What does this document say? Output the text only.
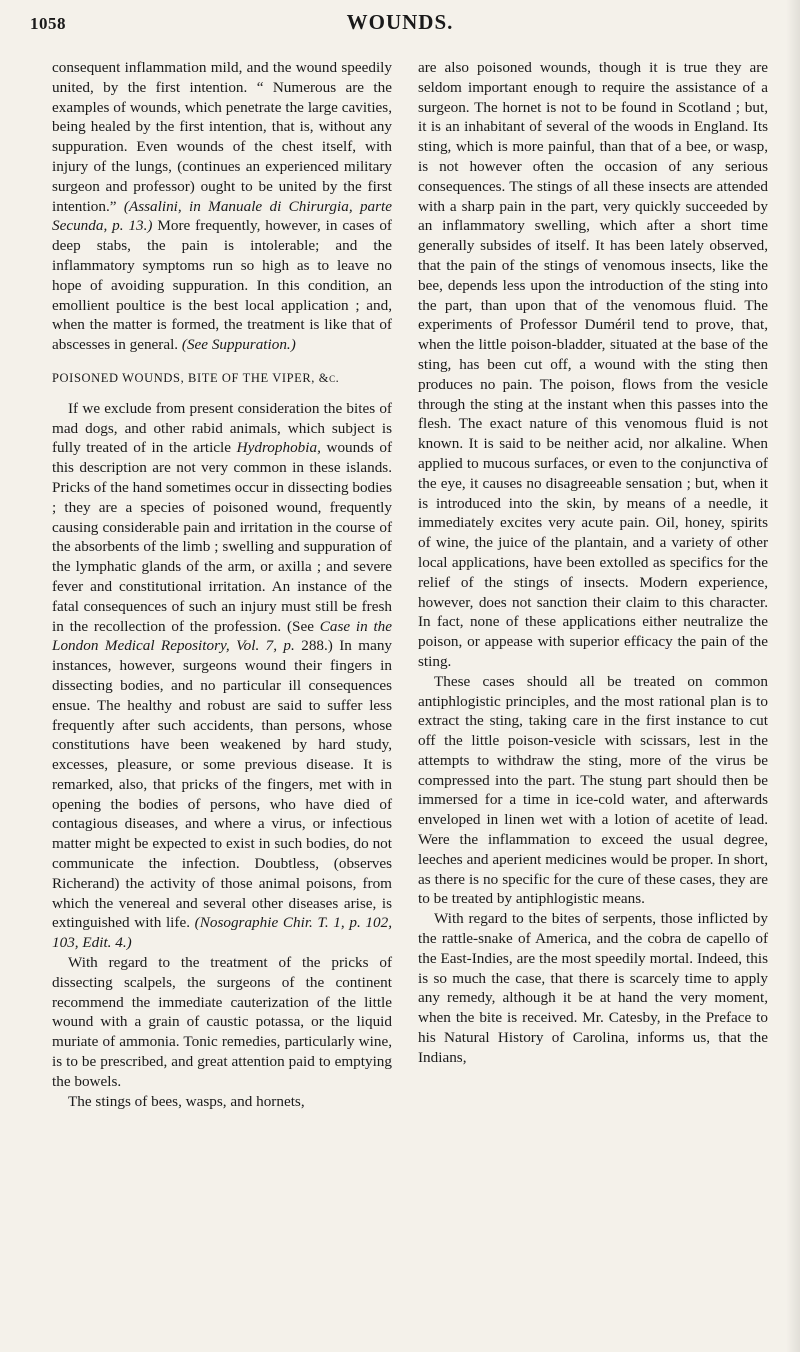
1058	WOUNDS.

consequent inflammation mild, and the wound speedily united, by the first intention. “ Numerous are the examples of wounds, which penetrate the large cavities, being healed by the first intention, that is, without any suppuration. Even wounds of the chest itself, with injury of the lungs, (continues an experienced military surgeon and professor) ought to be united by the first intention.” (Assalini, in Manuale di Chirurgia, parte Secunda, p. 13.) More frequently, however, in cases of deep stabs, the pain is intolerable; and the inflammatory symptoms run so high as to leave no hope of avoiding suppuration. In this condition, an emollient poultice is the best local application ; and, when the matter is formed, the treatment is like that of abscesses in general. (See Suppuration.)

POISONED WOUNDS, BITE OF THE VIPER, &c.

If we exclude from present consideration the bites of mad dogs, and other rabid animals, which subject is fully treated of in the article Hydrophobia, wounds of this description are not very common in these islands. Pricks of the hand sometimes occur in dissecting bodies ; they are a species of poisoned wound, frequently causing considerable pain and irritation in the course of the absorbents of the limb ; swelling and suppuration of the lymphatic glands of the arm, or axilla ; and severe fever and constitutional irritation. An instance of the fatal consequences of such an injury must still be fresh in the recollection of the profession. (See Case in the London Medical Repository, Vol. 7, p. 288.) In many instances, however, surgeons wound their fingers in dissecting bodies, and no particular ill consequences ensue. The healthy and robust are said to suffer less frequently after such accidents, than persons, whose constitutions have been weakened by hard study, excesses, pleasure, or some previous disease. It is remarked, also, that pricks of the fingers, met with in opening the bodies of persons, who have died of contagious diseases, and where a virus, or infectious matter might be expected to exist in such bodies, do not communicate the infection. Doubtless, (observes Richerand) the activity of those animal poisons, from which the venereal and several other diseases arise, is extinguished with life. (Nosographie Chir. T. 1, p. 102, 103, Edit. 4.)

With regard to the treatment of the pricks of dissecting scalpels, the surgeons of the continent recommend the immediate cauterization of the little wound with a grain of caustic potassa, or the liquid muriate of ammonia. Tonic remedies, particularly wine, is to be prescribed, and great attention paid to emptying the bowels.

The stings of bees, wasps, and hornets,

are also poisoned wounds, though it is true they are seldom important enough to require the assistance of a surgeon. The hornet is not to be found in Scotland ; but, it is an inhabitant of several of the woods in England. Its sting, which is more painful, than that of a bee, or wasp, is not however often the occasion of any serious consequences. The stings of all these insects are attended with a sharp pain in the part, very quickly succeeded by an inflammatory swelling, which after a short time generally subsides of itself. It has been lately observed, that the pain of the stings of venomous insects, like the bee, depends less upon the introduction of the sting into the part, than upon that of the venomous fluid. The experiments of Professor Duméril tend to prove, that, when the little poison-bladder, situated at the base of the sting, has been cut off, a wound with the sting then produces no pain. The poison, flows from the vesicle through the sting at the instant when this passes into the flesh. The exact nature of this venomous fluid is not known. It is said to be neither acid, nor alkaline. When applied to mucous surfaces, or even to the conjunctiva of the eye, it causes no disagreeable sensation ; but, when it is introduced into the skin, by means of a needle, it immediately excites very acute pain. Oil, honey, spirits of wine, the juice of the plantain, and a variety of other local applications, have been extolled as specifics for the relief of the stings of insects. Modern experience, however, does not sanction their claim to this character. In fact, none of these applications either neutralize the poison, or appease with superior efficacy the pain of the sting.

These cases should all be treated on common antiphlogistic principles, and the most rational plan is to extract the sting, taking care in the first instance to cut off the little poison-vesicle with scissars, lest in the attempts to withdraw the sting, more of the virus be compressed into the part. The stung part should then be immersed for a time in ice-cold water, and afterwards enveloped in linen wet with a lotion of acetite of lead. Were the inflammation to exceed the usual degree, leeches and aperient medicines would be proper. In short, as there is no specific for the cure of these cases, they are to be treated by antiphlogistic means.

With regard to the bites of serpents, those inflicted by the rattle-snake of America, and the cobra de capello of the East-Indies, are the most speedily mortal. Indeed, this is so much the case, that there is scarcely time to apply any remedy, although it be at hand the very moment, when the bite is received. Mr. Catesby, in the Preface to his Natural History of Carolina, informs us, that the Indians,
